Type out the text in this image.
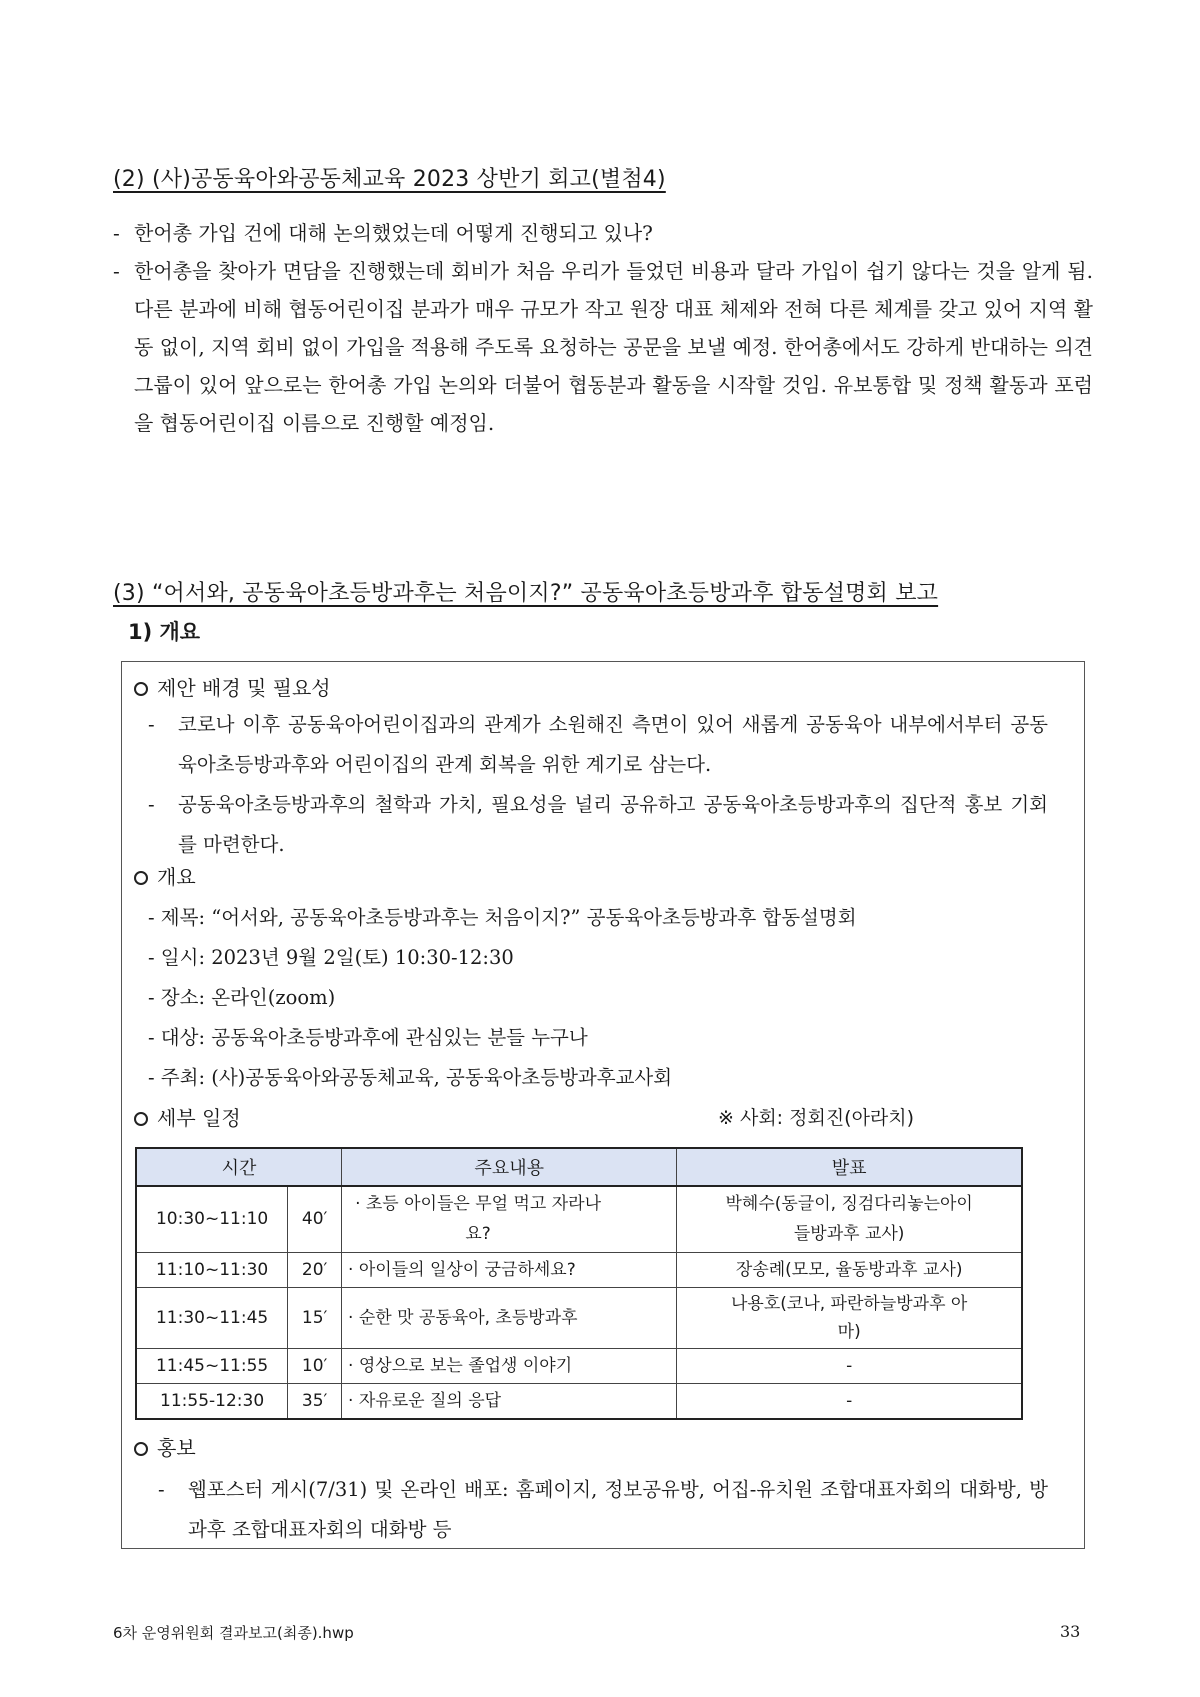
(2) (사)공동육아와공동체교육 2023 상반기 회고(별첨4)
- 한어총 가입 건에 대해 논의했었는데 어떻게 진행되고 있나?
- 한어총을 찾아가 면담을 진행했는데 회비가 처음 우리가 들었던 비용과 달라 가입이 쉽기 않다는 것을 알게 됨. 다른 분과에 비해 협동어린이집 분과가 매우 규모가 작고 원장 대표 체제와 전혀 다른 체계를 갖고 있어 지역 활동 없이, 지역 회비 없이 가입을 적용해 주도록 요청하는 공문을 보낼 예정. 한어총에서도 강하게 반대하는 의견 그룹이 있어 앞으로는 한어총 가입 논의와 더불어 협동분과 활동을 시작할 것임. 유보통합 및 정책 활동과 포럼을 협동어린이집 이름으로 진행할 예정임.
(3) “어서와, 공동육아초등방과후는 처음이지?” 공동육아초등방과후 합동설명회 보고
1) 개요
제안 배경 및 필요성
- 코로나 이후 공동육아어린이집과의 관계가 소원해진 측면이 있어 새롭게 공동육아 내부에서부터 공동육아초등방과후와 어린이집의 관계 회복을 위한 계기로 삼는다.
- 공동육아초등방과후의 철학과 가치, 필요성을 널리 공유하고 공동육아초등방과후의 집단적 홍보 기회를 마련한다.
개요
- 제목: “어서와, 공동육아초등방과후는 처음이지?” 공동육아초등방과후 합동설명회
- 일시: 2023년 9월 2일(토) 10:30-12:30
- 장소: 온라인(zoom)
- 대상: 공동육아초등방과후에 관심있는 분들 누구나
- 주최: (사)공동육아와공동체교육, 공동육아초등방과후교사회
세부 일정	※ 사회: 정회진(아라치)
시간		주요내용	발표
10:30~11:10	40′	· 초등 아이들은 무얼 먹고 자라나요?	박혜수(동글이, 징검다리놓는아이들방과후 교사)

11:10~11:30	20′	· 아이들의 일상이 궁금하세요?	장송례(모모, 율동방과후 교사)
11:30~11:45	15′	· 순한 맛 공동육아, 초등방과후	나용호(코나, 파란하늘방과후 아마)

11:45~11:55	10′	· 영상으로 보는 졸업생 이야기	-
11:55-12:30	35′	· 자유로운 질의 응답	-
홍보
- 웹포스터 게시(7/31) 및 온라인 배포: 홈페이지, 정보공유방, 어집-유치원 조합대표자회의 대화방, 방과후 조합대표자회의 대화방 등
6차 운영위원회 결과보고(최종).hwp	33
